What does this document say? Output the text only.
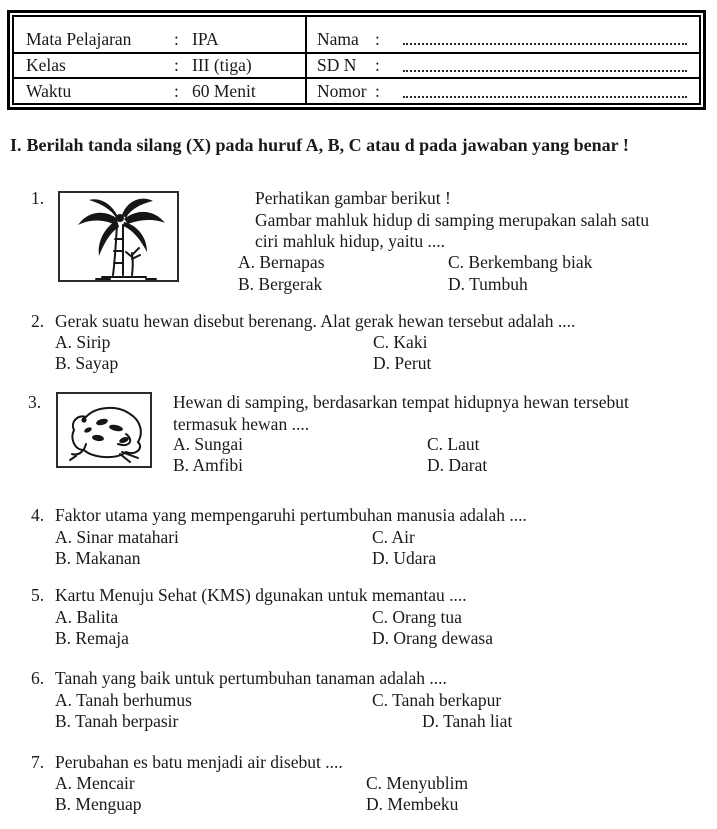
Mata Pelajaran	: IPA	Nama :
Kelas	: III (tiga)	SD N	:
Waktu	: 60 Menit	Nomor :
I. Berilah tanda silang (X) pada huruf A, B, C atau d pada jawaban yang benar !
1.	Perhatikan gambar berikut !
Gambar mahluk hidup di samping merupakan salah satu
ciri mahluk hidup, yaitu ....
A. Bernapas	C. Berkembang biak
B. Bergerak	D. Tumbuh
2. Gerak suatu hewan disebut berenang. Alat gerak hewan tersebut adalah ....
A. Sirip	C. Kaki
B. Sayap	D. Perut
3.	Hewan di samping, berdasarkan tempat hidupnya hewan tersebut
termasuk hewan ....
A. Sungai	C. Laut
B. Amfibi	D. Darat
4. Faktor utama yang mempengaruhi pertumbuhan manusia adalah ....
A. Sinar matahari	C. Air
B. Makanan	D. Udara
5. Kartu Menuju Sehat (KMS) dgunakan untuk memantau ....
A. Balita	C. Orang tua
B. Remaja	D. Orang dewasa
6. Tanah yang baik untuk pertumbuhan tanaman adalah ....
A. Tanah berhumus	C. Tanah berkapur
B. Tanah berpasir	D. Tanah liat
7. Perubahan es batu menjadi air disebut ....
A. Mencair	C. Menyublim
B. Menguap	D. Membeku
